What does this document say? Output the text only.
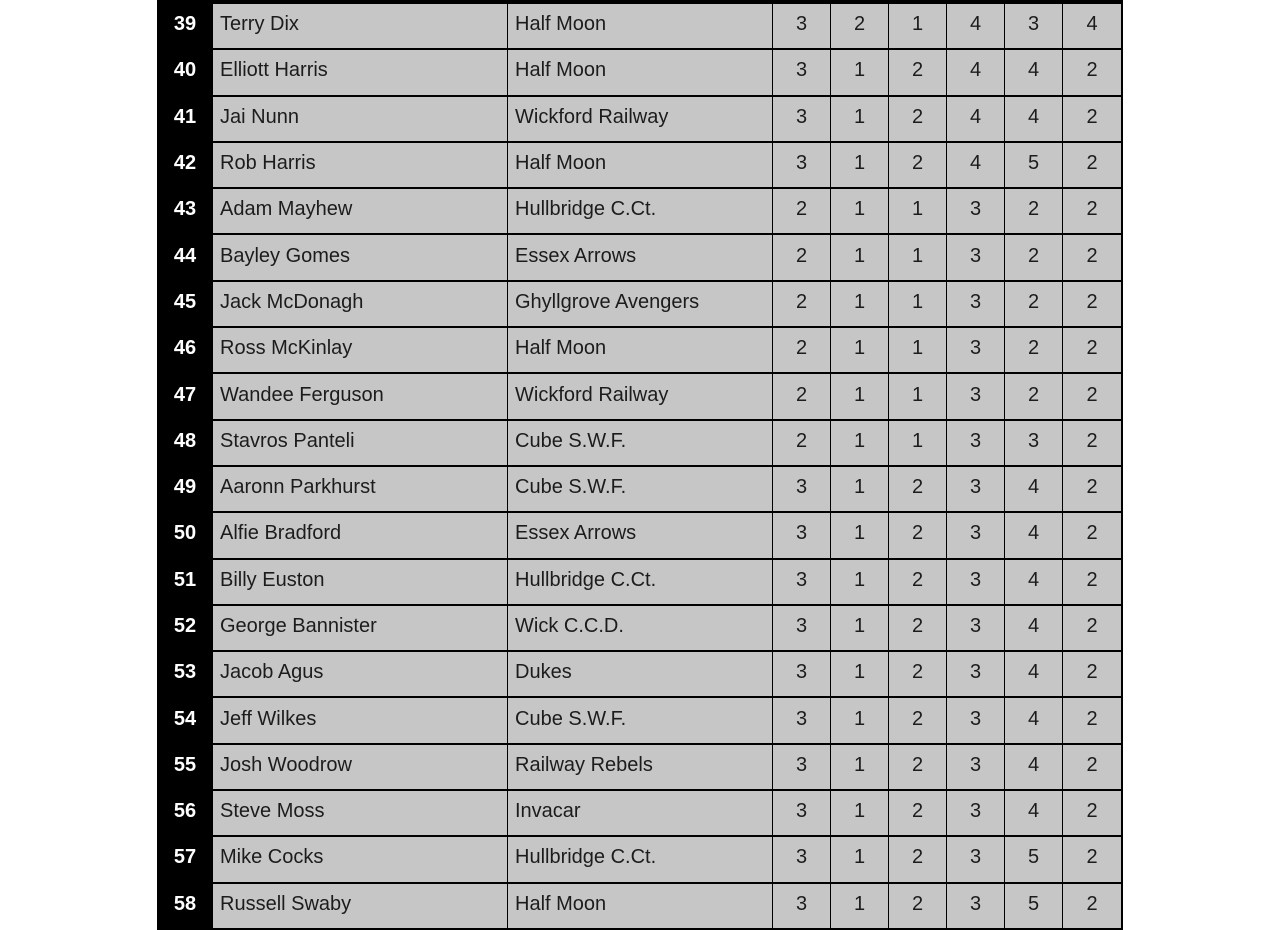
39	Terry Dix	Half Moon	3	2	1	4	3	4
40	Elliott Harris	Half Moon	3	1	2	4	4	2
41	Jai Nunn	Wickford Railway	3	1	2	4	4	2
42	Rob Harris	Half Moon	3	1	2	4	5	2
43	Adam Mayhew	Hullbridge C.Ct.	2	1	1	3	2	2
44	Bayley Gomes	Essex Arrows	2	1	1	3	2	2
45	Jack McDonagh	Ghyllgrove Avengers	2	1	1	3	2	2
46	Ross McKinlay	Half Moon	2	1	1	3	2	2
47	Wandee Ferguson	Wickford Railway	2	1	1	3	2	2
48	Stavros Panteli	Cube S.W.F.	2	1	1	3	3	2
49	Aaronn Parkhurst	Cube S.W.F.	3	1	2	3	4	2
50	Alfie Bradford	Essex Arrows	3	1	2	3	4	2
51	Billy Euston	Hullbridge C.Ct.	3	1	2	3	4	2
52	George Bannister	Wick C.C.D.	3	1	2	3	4	2
53	Jacob Agus	Dukes	3	1	2	3	4	2
54	Jeff Wilkes	Cube S.W.F.	3	1	2	3	4	2
55	Josh Woodrow	Railway Rebels	3	1	2	3	4	2
56	Steve Moss	Invacar	3	1	2	3	4	2
57	Mike Cocks	Hullbridge C.Ct.	3	1	2	3	5	2
58	Russell Swaby	Half Moon	3	1	2	3	5	2
